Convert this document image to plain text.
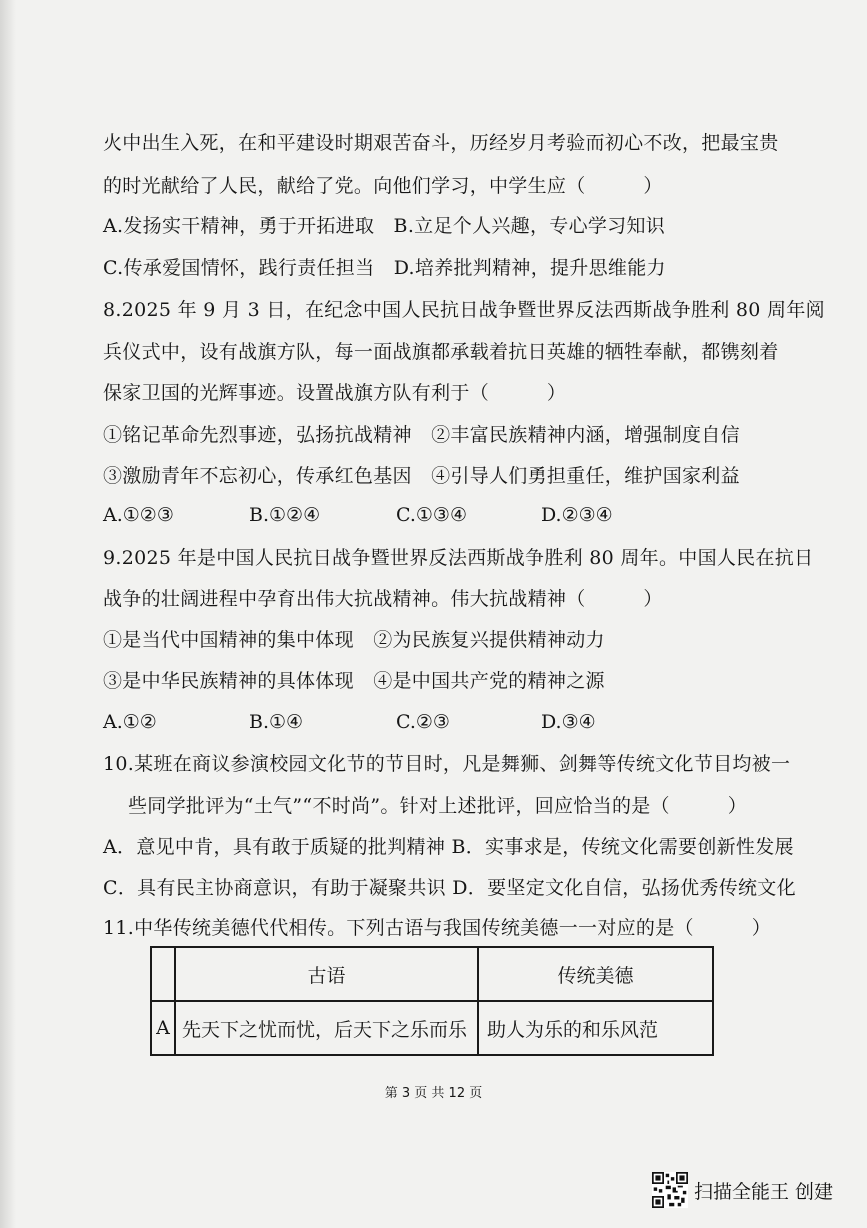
火中出生入死，在和平建设时期艰苦奋斗，历经岁月考验而初心不改，把最宝贵
的时光献给了人民，献给了党。向他们学习，中学生应（　　　）
A.发扬实干精神，勇于开拓进取　B.立足个人兴趣，专心学习知识
C.传承爱国情怀，践行责任担当　D.培养批判精神，提升思维能力
8.2025 年 9 月 3 日，在纪念中国人民抗日战争暨世界反法西斯战争胜利 80 周年阅
兵仪式中，设有战旗方队，每一面战旗都承载着抗日英雄的牺牲奉献，都镌刻着
保家卫国的光辉事迹。设置战旗方队有利于（　　　）
①铭记革命先烈事迹，弘扬抗战精神　②丰富民族精神内涵，增强制度自信
③激励青年不忘初心，传承红色基因　④引导人们勇担重任，维护国家利益
A.①②③	B.①②④	C.①③④	D.②③④
9.2025 年是中国人民抗日战争暨世界反法西斯战争胜利 80 周年。中国人民在抗日
战争的壮阔进程中孕育出伟大抗战精神。伟大抗战精神（　　　）
①是当代中国精神的集中体现　②为民族复兴提供精神动力
③是中华民族精神的具体体现　④是中国共产党的精神之源
A.①②	B.①④	C.②③	D.③④
10.某班在商议参演校园文化节的节目时，凡是舞狮、剑舞等传统文化节目均被一
些同学批评为“土气”“不时尚”。针对上述批评，回应恰当的是（　　　）
A．意见中肯，具有敢于质疑的批判精神 B．实事求是，传统文化需要创新性发展
C．具有民主协商意识，有助于凝聚共识 D．要坚定文化自信，弘扬优秀传统文化
11.中华传统美德代代相传。下列古语与我国传统美德一一对应的是（　　　）
	古语	传统美德
A	先天下之忧而忧，后天下之乐而乐	助人为乐的和乐风范
第 3 页 共 12 页
扫描全能王 创建
